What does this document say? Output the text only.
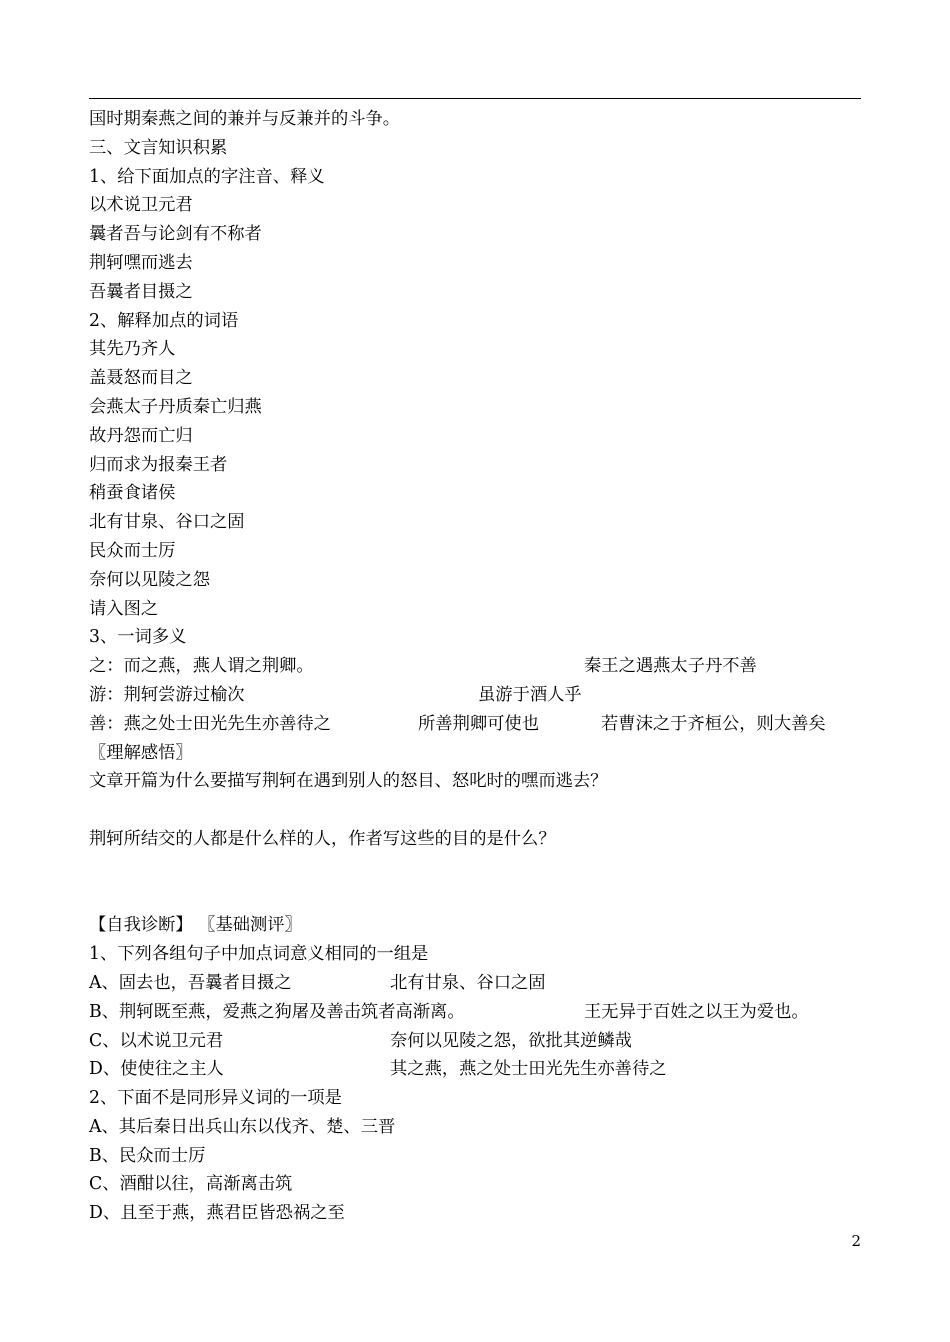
国时期秦燕之间的兼并与反兼并的斗争。
三、文言知识积累
1、给下面加点的字注音、释义
以术说卫元君
曩者吾与论剑有不称者
荆轲嘿而逃去
吾曩者目摄之
2、解释加点的词语
其先乃齐人
盖聂怒而目之
会燕太子丹质秦亡归燕
故丹怨而亡归
归而求为报秦王者
稍蚕食诸侯
北有甘泉、谷口之固
民众而士厉
奈何以见陵之怨
请入图之
3、一词多义
之：而之燕，燕人谓之荆卿。	秦王之遇燕太子丹不善
游：荆轲尝游过榆次	虽游于酒人乎
善：燕之处士田光先生亦善待之	所善荆卿可使也	若曹沫之于齐桓公，则大善矣
〖理解感悟〗
文章开篇为什么要描写荆轲在遇到别人的怒目、怒叱时的嘿而逃去？
荆轲所结交的人都是什么样的人，作者写这些的目的是什么？
【自我诊断】 〖基础测评〗
1、下列各组句子中加点词意义相同的一组是
A、固去也，吾曩者目摄之	北有甘泉、谷口之固
B、荆轲既至燕，爱燕之狗屠及善击筑者高渐离。	王无异于百姓之以王为爱也。
C、以术说卫元君	奈何以见陵之怨，欲批其逆鳞哉
D、使使往之主人	其之燕，燕之处士田光先生亦善待之
2、下面不是同形异义词的一项是
A、其后秦日出兵山东以伐齐、楚、三晋
B、民众而士厉
C、酒酣以往，高渐离击筑
D、且至于燕，燕君臣皆恐祸之至
2
